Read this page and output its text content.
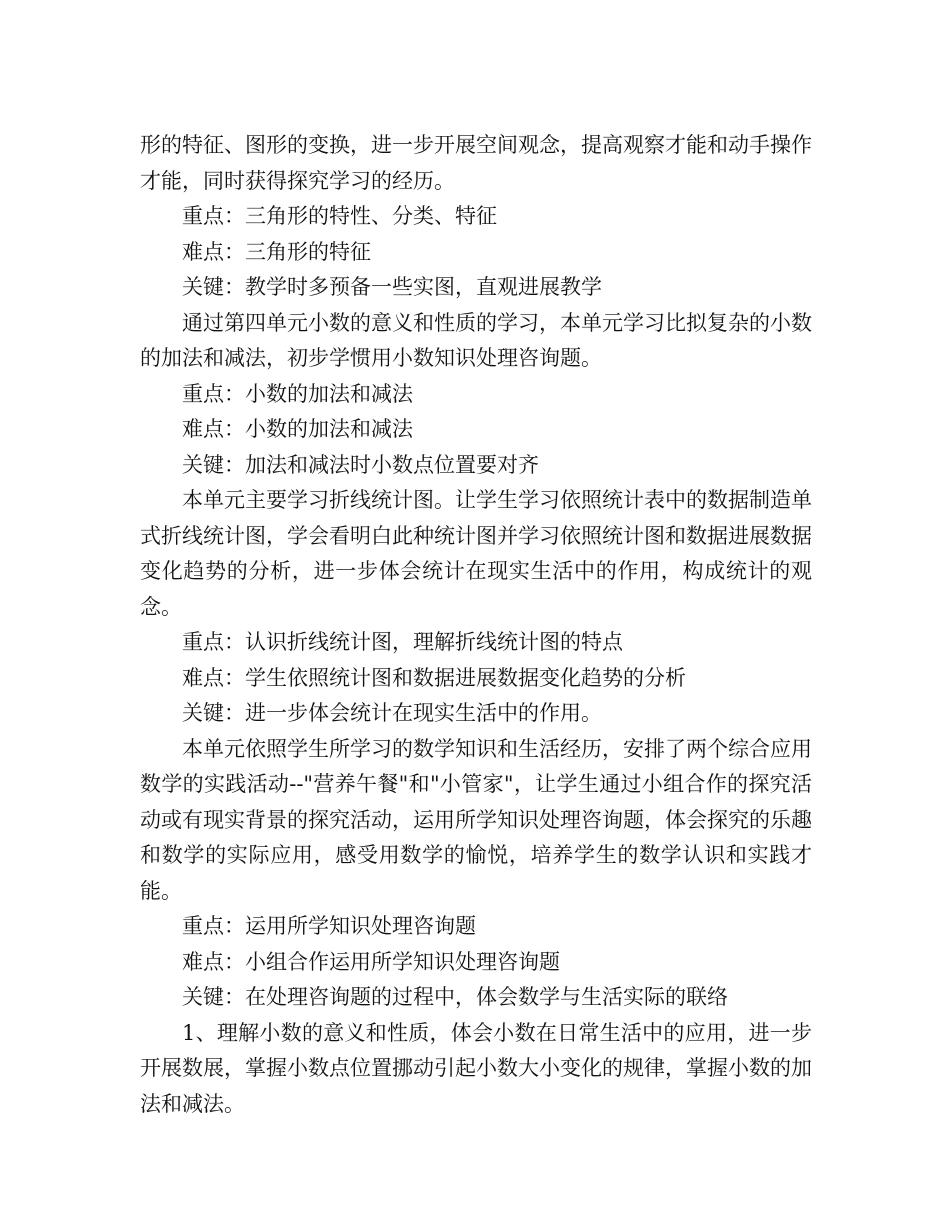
形的特征、图形的变换，进一步开展空间观念，提高观察才能和动手操作才能，同时获得探究学习的经历。

重点：三角形的特性、分类、特征

难点：三角形的特征

关键：教学时多预备一些实图，直观进展教学

通过第四单元小数的意义和性质的学习，本单元学习比拟复杂的小数的加法和减法，初步学惯用小数知识处理咨询题。

重点：小数的加法和减法

难点：小数的加法和减法

关键：加法和减法时小数点位置要对齐

本单元主要学习折线统计图。让学生学习依照统计表中的数据制造单式折线统计图，学会看明白此种统计图并学习依照统计图和数据进展数据变化趋势的分析，进一步体会统计在现实生活中的作用，构成统计的观念。

重点：认识折线统计图，理解折线统计图的特点

难点：学生依照统计图和数据进展数据变化趋势的分析

关键：进一步体会统计在现实生活中的作用。

本单元依照学生所学习的数学知识和生活经历，安排了两个综合应用数学的实践活动--"营养午餐"和"小管家"，让学生通过小组合作的探究活动或有现实背景的探究活动，运用所学知识处理咨询题，体会探究的乐趣和数学的实际应用，感受用数学的愉悦，培养学生的数学认识和实践才能。

重点：运用所学知识处理咨询题

难点：小组合作运用所学知识处理咨询题

关键：在处理咨询题的过程中，体会数学与生活实际的联络

1、理解小数的意义和性质，体会小数在日常生活中的应用，进一步开展数展，掌握小数点位置挪动引起小数大小变化的规律，掌握小数的加法和减法。
